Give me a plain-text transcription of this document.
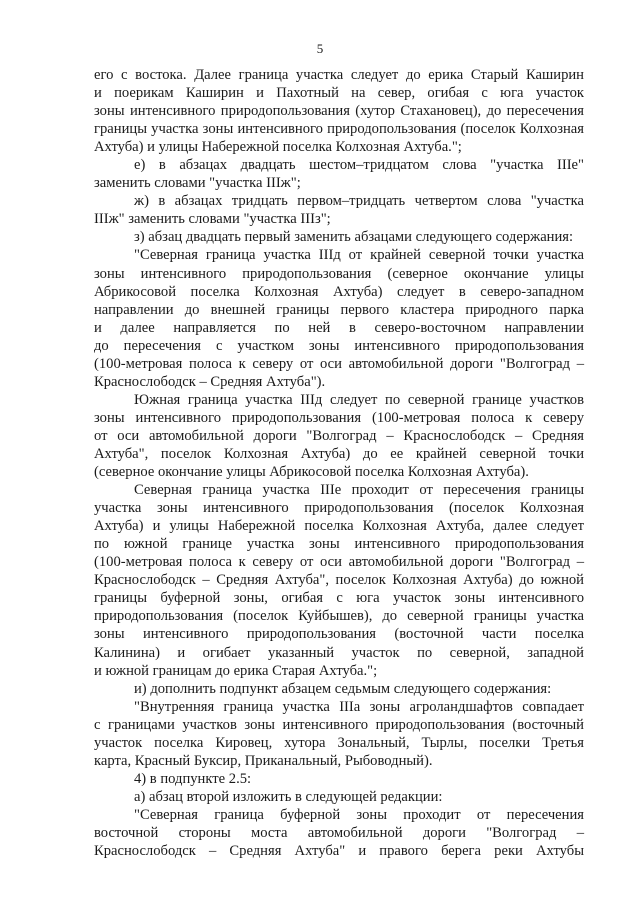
5
его с востока. Далее граница участка следует до ерика Старый Каширин
и поерикам Каширин и Пахотный на север, огибая с юга участок
зоны интенсивного природопользования (хутор Стахановец), до пересечения
границы участка зоны интенсивного природопользования (поселок Колхозная
Ахтуба) и улицы Набережной поселка Колхозная Ахтуба.";
е) в абзацах двадцать шестом–тридцатом слова "участка IIIе"
заменить словами "участка IIIж";
ж) в абзацах тридцать первом–тридцать четвертом слова "участка
IIIж" заменить словами "участка IIIз";
з) абзац двадцать первый заменить абзацами следующего содержания:
"Северная граница участка IIIд от крайней северной точки участка
зоны интенсивного природопользования (северное окончание улицы
Абрикосовой поселка Колхозная Ахтуба) следует в северо-западном
направлении до внешней границы первого кластера природного парка
и далее направляется по ней в северо-восточном направлении
до пересечения с участком зоны интенсивного природопользования
(100-метровая полоса к северу от оси автомобильной дороги "Волгоград –
Краснослободск – Средняя Ахтуба").
Южная граница участка IIIд следует по северной границе участков
зоны интенсивного природопользования (100-метровая полоса к северу
от оси автомобильной дороги "Волгоград – Краснослободск – Средняя
Ахтуба", поселок Колхозная Ахтуба) до ее крайней северной точки
(северное окончание улицы Абрикосовой поселка Колхозная Ахтуба).
Северная граница участка IIIе проходит от пересечения границы
участка зоны интенсивного природопользования (поселок Колхозная
Ахтуба) и улицы Набережной поселка Колхозная Ахтуба, далее следует
по южной границе участка зоны интенсивного природопользования
(100-метровая полоса к северу от оси автомобильной дороги "Волгоград –
Краснослободск – Средняя Ахтуба", поселок Колхозная Ахтуба) до южной
границы буферной зоны, огибая с юга участок зоны интенсивного
природопользования (поселок Куйбышев), до северной границы участка
зоны интенсивного природопользования (восточной части поселка
Калинина) и огибает указанный участок по северной, западной
и южной границам до ерика Старая Ахтуба.";
и) дополнить подпункт абзацем седьмым следующего содержания:
"Внутренняя граница участка IIIа зоны агроландшафтов совпадает
с границами участков зоны интенсивного природопользования (восточный
участок поселка Кировец, хутора Зональный, Тырлы, поселки Третья
карта, Красный Буксир, Приканальный, Рыбоводный).
4) в подпункте 2.5:
а) абзац второй изложить в следующей редакции:
"Северная граница буферной зоны проходит от пересечения
восточной стороны моста автомобильной дороги "Волгоград –
Краснослободск – Средняя Ахтуба" и правого берега реки Ахтубы
